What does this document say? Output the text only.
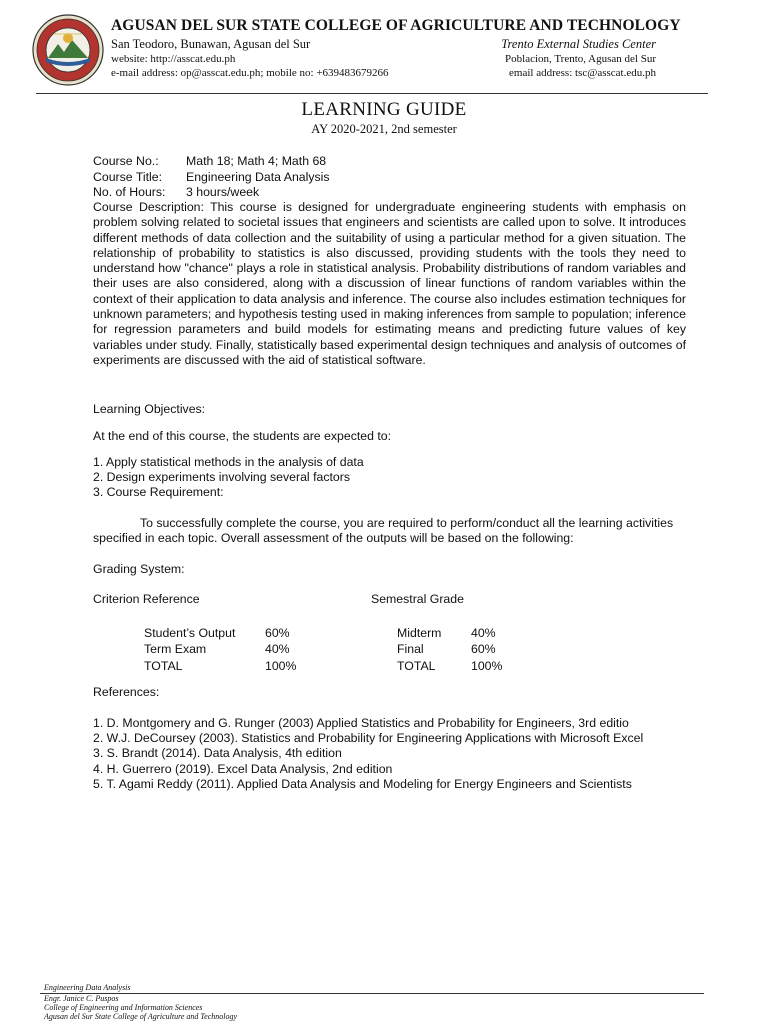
AGUSAN DEL SUR STATE COLLEGE OF AGRICULTURE AND TECHNOLOGY
San Teodoro, Bunawan, Agusan del Sur
website: http://asscat.edu.ph
e-mail address: op@asscat.edu.ph; mobile no: +639483679266
Trento External Studies Center
Poblacion, Trento, Agusan del Sur
email address: tsc@asscat.edu.ph
LEARNING GUIDE
AY 2020-2021, 2nd semester
Course No.: Math 18; Math 4; Math 68
Course Title: Engineering Data Analysis
No. of Hours: 3 hours/week
Course Description: This course is designed for undergraduate engineering students with emphasis on problem solving related to societal issues that engineers and scientists are called upon to solve. It introduces different methods of data collection and the suitability of using a particular method for a given situation. The relationship of probability to statistics is also discussed, providing students with the tools they need to understand how "chance" plays a role in statistical analysis. Probability distributions of random variables and their uses are also considered, along with a discussion of linear functions of random variables within the context of their application to data analysis and inference. The course also includes estimation techniques for unknown parameters; and hypothesis testing used in making inferences from sample to population; inference for regression parameters and build models for estimating means and predicting future values of key variables under study. Finally, statistically based experimental design techniques and analysis of outcomes of experiments are discussed with the aid of statistical software.
Learning Objectives:
At the end of this course, the students are expected to:
1. Apply statistical methods in the analysis of data
2. Design experiments involving several factors
3. Course Requirement:
To successfully complete the course, you are required to perform/conduct all the learning activities specified in each topic. Overall assessment of the outputs will be based on the following:
Grading System:
Criterion Reference	Semestral Grade
Student’s Output 60%
Term Exam	40%
TOTAL	100%
Midterm 40%
Final	60%
TOTAL	100%
References:
1. D. Montgomery and G. Runger (2003) Applied Statistics and Probability for Engineers, 3rd editio
2. W.J. DeCoursey (2003). Statistics and Probability for Engineering Applications with Microsoft Excel
3. S. Brandt (2014). Data Analysis, 4th edition
4. H. Guerrero (2019). Excel Data Analysis, 2nd edition
5. T. Agami Reddy (2011). Applied Data Analysis and Modeling for Energy Engineers and Scientists
Engineering Data Analysis
Engr. Janice C. Puspos
College of Engineering and Information Sciences
Agusan del Sur State College of Agriculture and Technology
